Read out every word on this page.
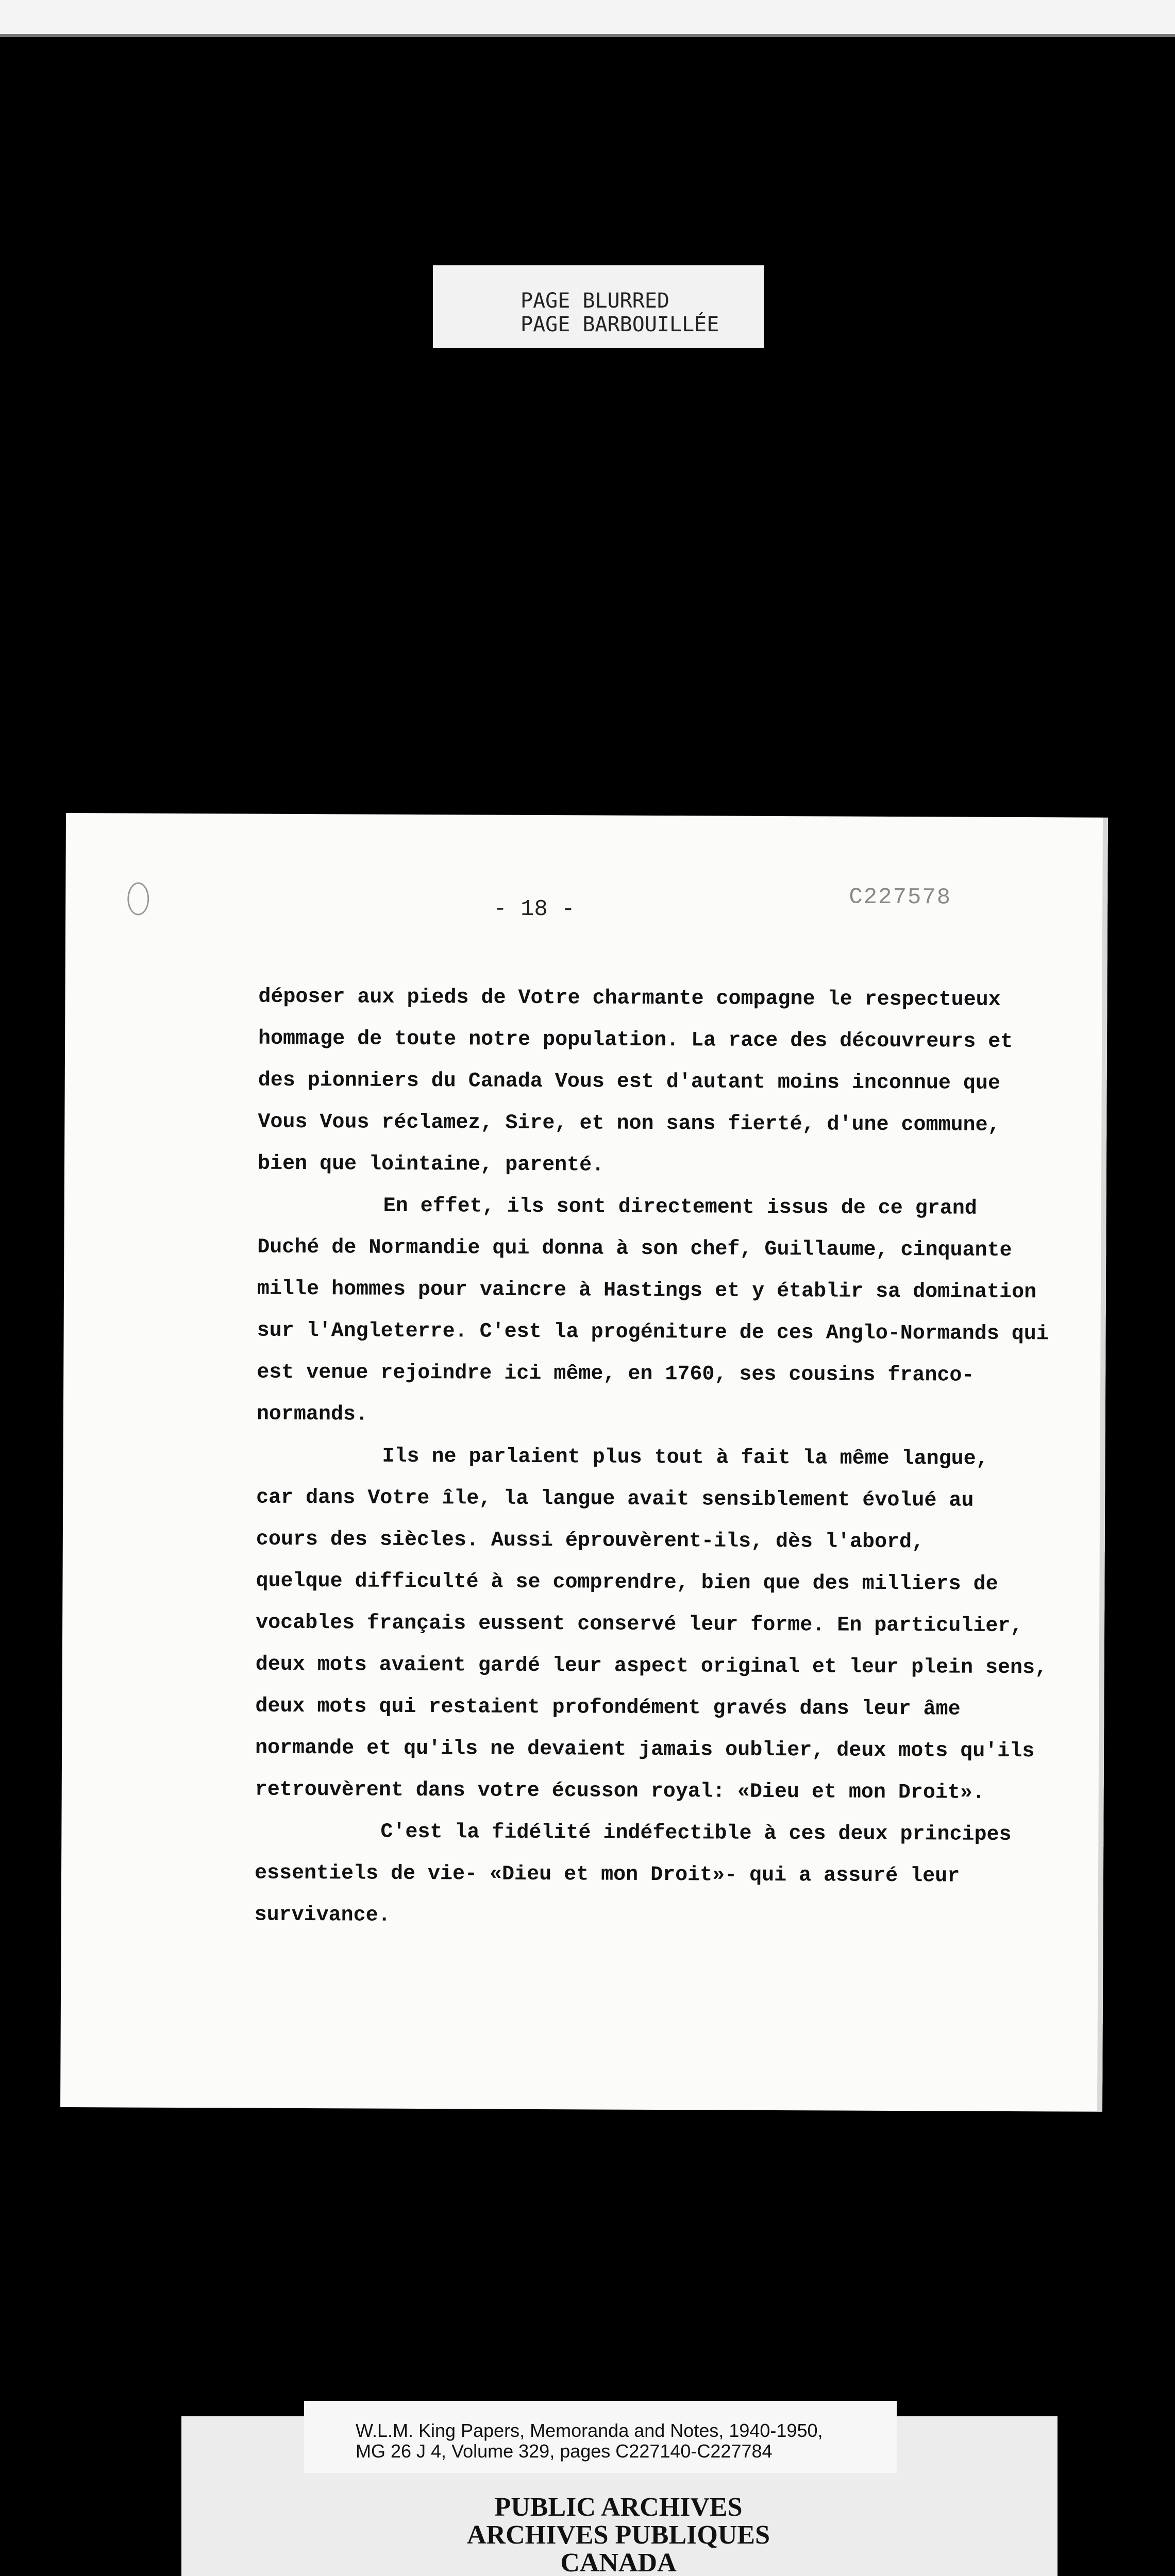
PAGE BLURRED
PAGE BARBOUILLÉE
- 18 -	C227578
déposer aux pieds de Votre charmante compagne le respectueux
hommage de toute notre population. La race des découvreurs et
des pionniers du Canada Vous est d'autant moins inconnue que
Vous Vous réclamez, Sire, et non sans fierté, d'une commune,
bien que lointaine, parenté.
En effet, ils sont directement issus de ce grand
Duché de Normandie qui donna à son chef, Guillaume, cinquante
mille hommes pour vaincre à Hastings et y établir sa domination
sur l'Angleterre. C'est la progéniture de ces Anglo-Normands qui
est venue rejoindre ici même, en 1760, ses cousins franco-
normands.
Ils ne parlaient plus tout à fait la même langue,
car dans Votre île, la langue avait sensiblement évolué au
cours des siècles. Aussi éprouvèrent-ils, dès l'abord,
quelque difficulté à se comprendre, bien que des milliers de
vocables français eussent conservé leur forme. En particulier,
deux mots avaient gardé leur aspect original et leur plein sens,
deux mots qui restaient profondément gravés dans leur âme
normande et qu'ils ne devaient jamais oublier, deux mots qu'ils
retrouvèrent dans votre écusson royal: «Dieu et mon Droit».
C'est la fidélité indéfectible à ces deux principes
essentiels de vie- «Dieu et mon Droit»- qui a assuré leur
survivance.
W.L.M. King Papers, Memoranda and Notes, 1940-1950,
MG 26 J 4, Volume 329, pages C227140-C227784
PUBLIC ARCHIVES
ARCHIVES PUBLIQUES
CANADA
